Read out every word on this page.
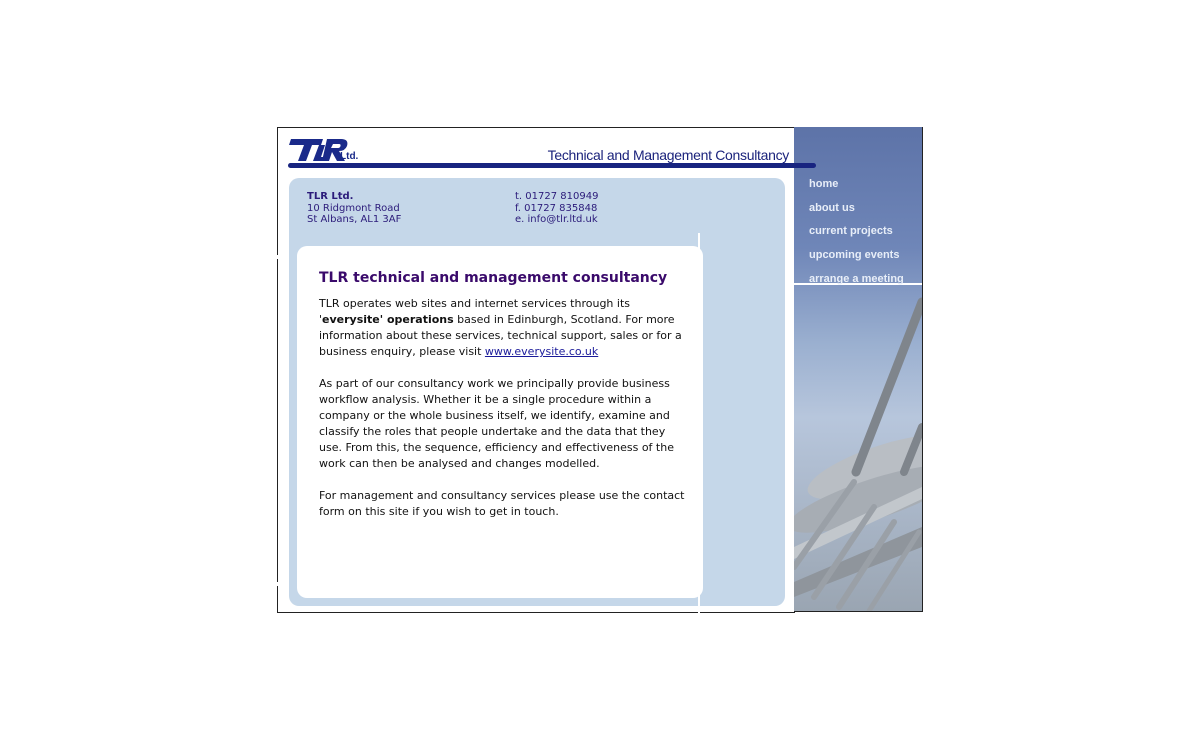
Ltd.	Technical and Management Consultancy
TLR Ltd.
10 Ridgmont Road
St Albans, AL1 3AF
t. 01727 810949
f. 01727 835848
e. info@tlr.ltd.uk
TLR technical and management consultancy

TLR operates web sites and internet services through its 'everysite' operations based in Edinburgh, Scotland. For more information about these services, technical support, sales or for a business enquiry, please visit www.everysite.co.uk

As part of our consultancy work we principally provide business workflow analysis. Whether it be a single procedure within a company or the whole business itself, we identify, examine and classify the roles that people undertake and the data that they use. From this, the sequence, efficiency and effectiveness of the work can then be analysed and changes modelled.

For management and consultancy services please use the contact form on this site if you wish to get in touch.

home
about us
current projects
upcoming events
arrange a meeting
